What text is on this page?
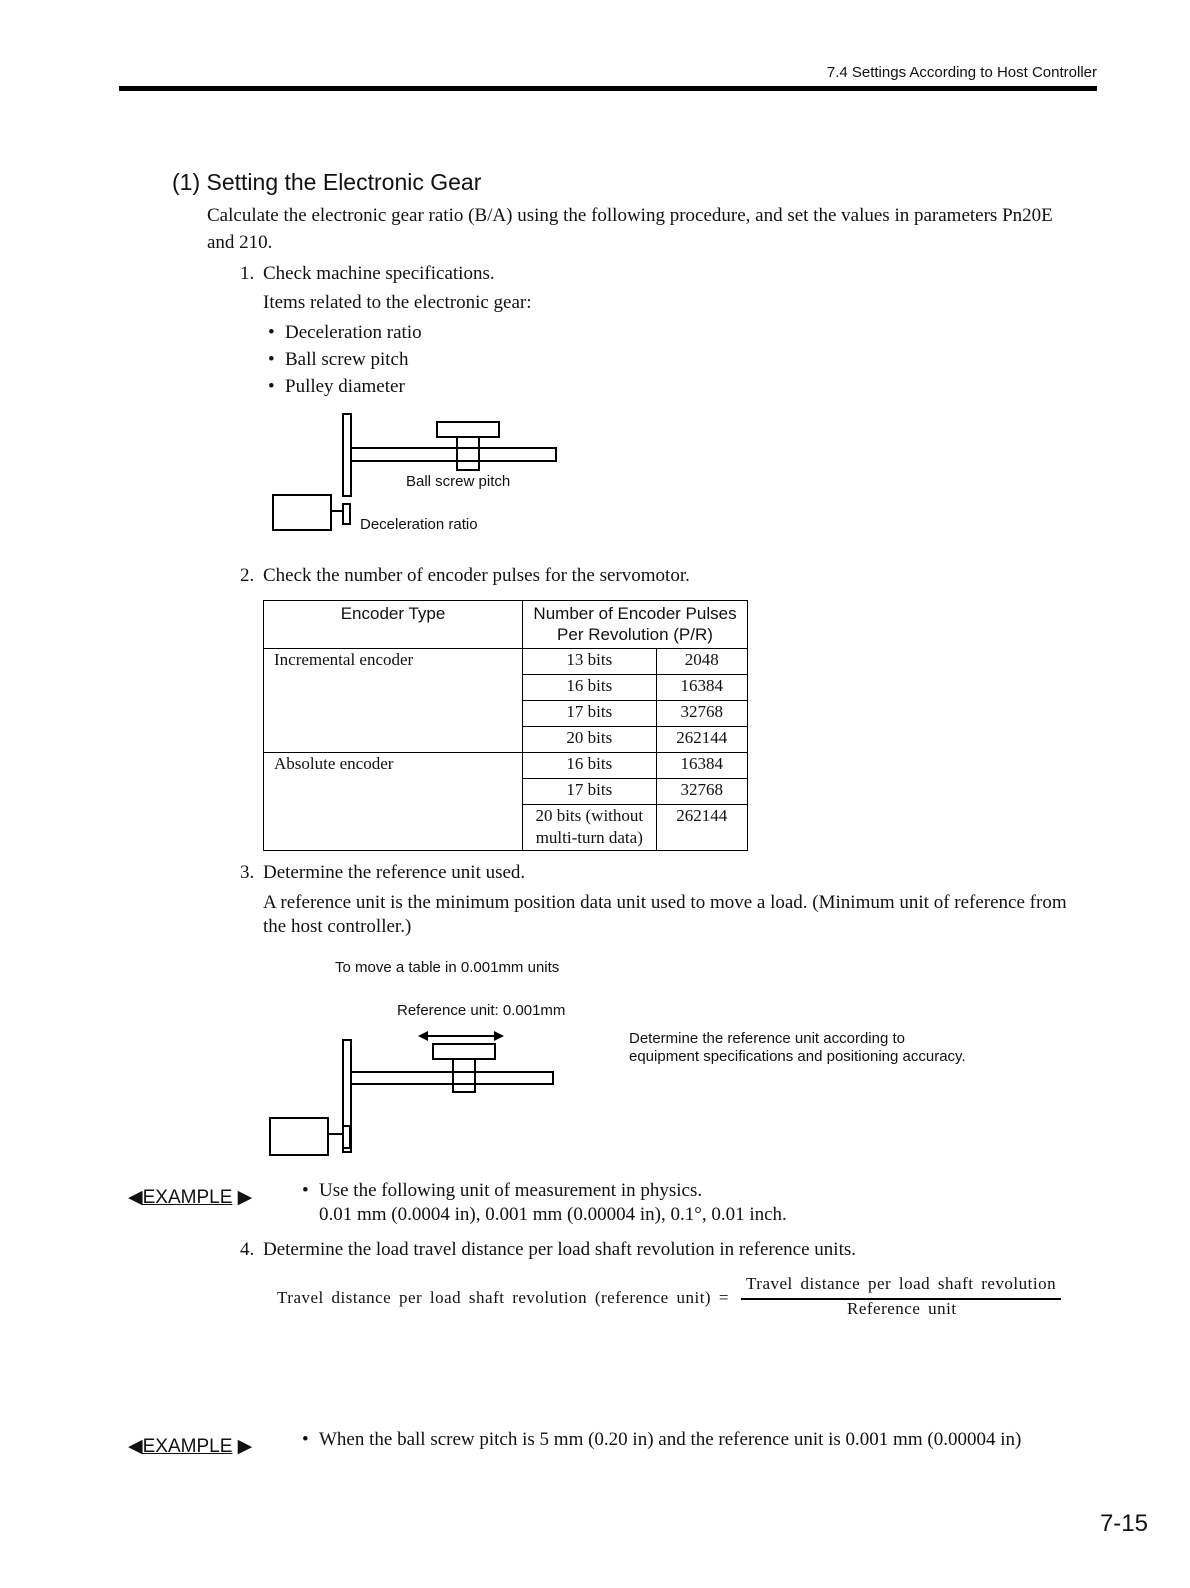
7.4 Settings According to Host Controller
(1) Setting the Electronic Gear
Calculate the electronic gear ratio (B/A) using the following procedure, and set the values in parameters Pn20E
and 210.
1. Check machine specifications.
Items related to the electronic gear:
• Deceleration ratio
• Ball screw pitch
• Pulley diameter
Ball screw pitch
Deceleration ratio
2. Check the number of encoder pulses for the servomotor.
Encoder Type	Number of Encoder Pulses
Per Revolution (P/R)	

Incremental encoder	13 bits	2048
	16 bits	16384
	17 bits	32768
	20 bits	262144
Absolute encoder	16 bits	16384
	17 bits	32768

	20 bits (without
multi-turn data)	262144
3. Determine the reference unit used.
A reference unit is the minimum position data unit used to move a load. (Minimum unit of reference from
the host controller.)
To move a table in 0.001mm units
Reference unit: 0.001mm
Determine the reference unit according to
equipment specifications and positioning accuracy.
◀EXAMPLE ▶	• Use the following unit of measurement in physics.
0.01 mm (0.0004 in), 0.001 mm (0.00004 in), 0.1°, 0.01 inch.
4. Determine the load travel distance per load shaft revolution in reference units.
Travel distance per load shaft revolution (reference unit) =
Travel distance per load shaft revolution
Reference unit
◀EXAMPLE ▶	• When the ball screw pitch is 5 mm (0.20 in) and the reference unit is 0.001 mm (0.00004 in)
7-15
